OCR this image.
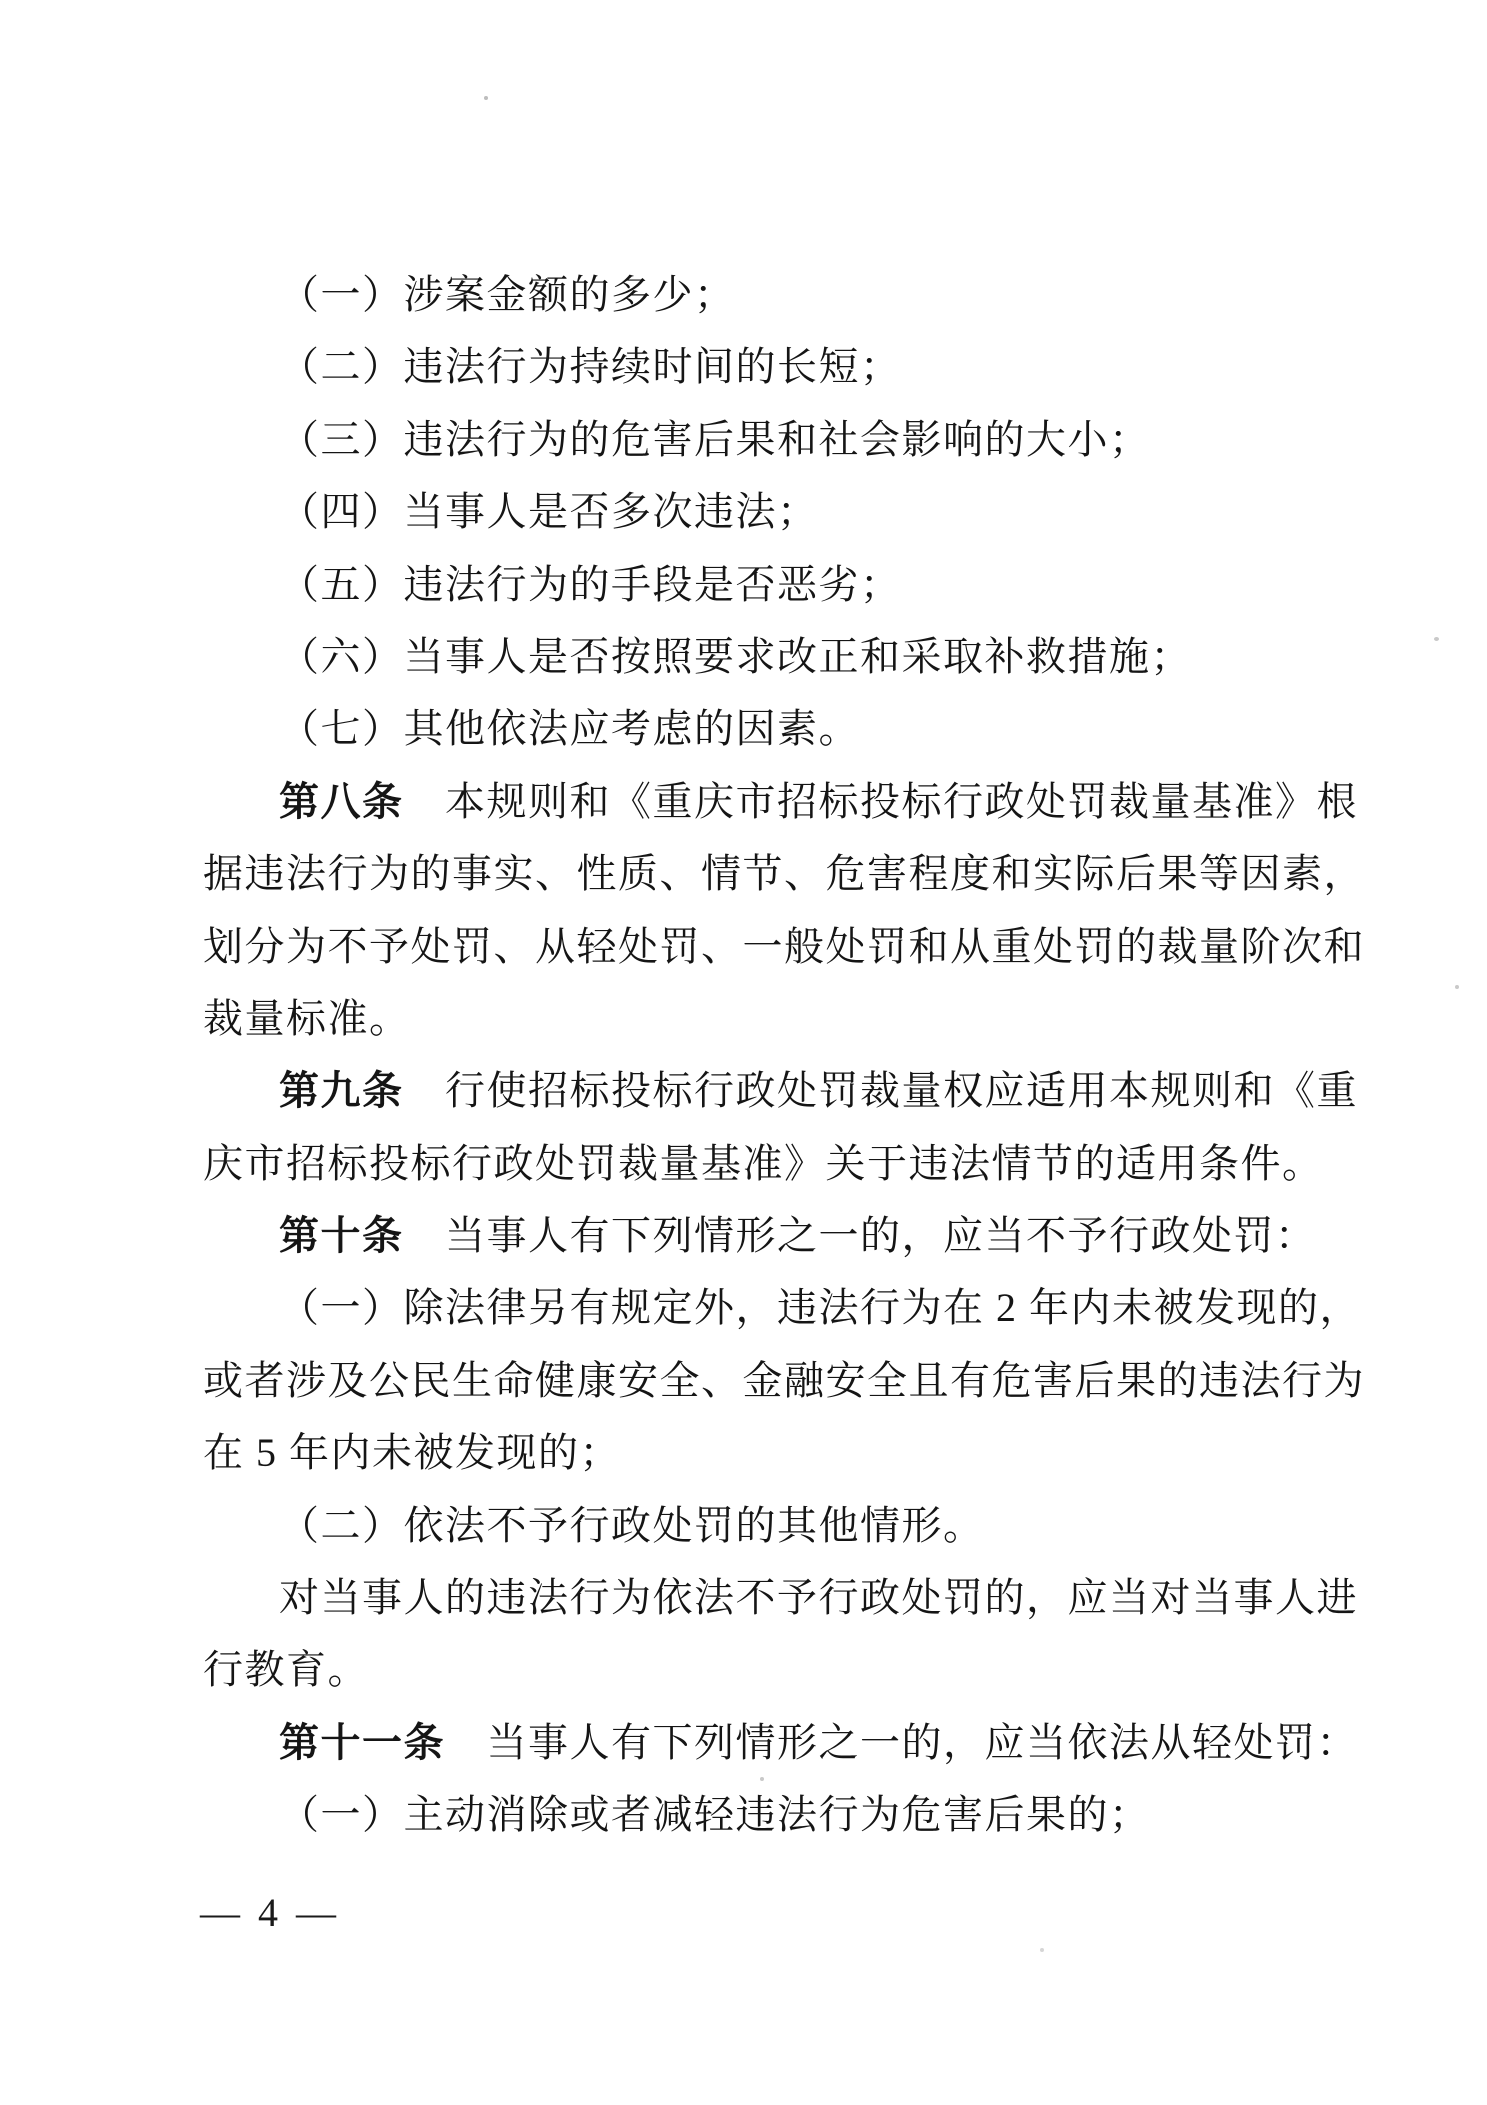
（一）涉案金额的多少；
（二）违法行为持续时间的长短；
（三）违法行为的危害后果和社会影响的大小；
（四）当事人是否多次违法；
（五）违法行为的手段是否恶劣；
（六）当事人是否按照要求改正和采取补救措施；
（七）其他依法应考虑的因素。
第八条　本规则和《重庆市招标投标行政处罚裁量基准》根
据违法行为的事实、性质、情节、危害程度和实际后果等因素，
划分为不予处罚、从轻处罚、一般处罚和从重处罚的裁量阶次和
裁量标准。
第九条　行使招标投标行政处罚裁量权应适用本规则和《重
庆市招标投标行政处罚裁量基准》关于违法情节的适用条件。
第十条　当事人有下列情形之一的，应当不予行政处罚：
（一）除法律另有规定外，违法行为在 2 年内未被发现的，
或者涉及公民生命健康安全、金融安全且有危害后果的违法行为
在 5 年内未被发现的；
（二）依法不予行政处罚的其他情形。
对当事人的违法行为依法不予行政处罚的，应当对当事人进
行教育。
第十一条　当事人有下列情形之一的，应当依法从轻处罚：
（一）主动消除或者减轻违法行为危害后果的；
— 4 —
